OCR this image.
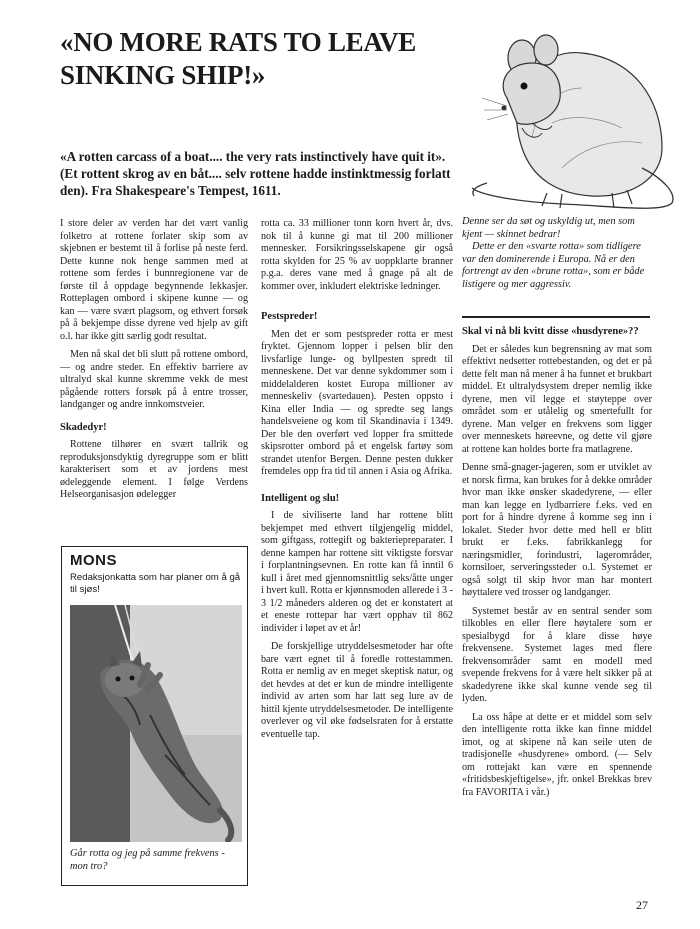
«NO MORE RATS TO LEAVE SINKING SHIP!»

«A rotten carcass of a boat.... the very rats instinctively have quit it». (Et rottent skrog av en båt.... selv rottene hadde instinktmessig forlatt den). Fra Shakespeare's Tempest, 1611.

I store deler av verden har det vært vanlig folketro at rottene forlater skip som av skjebnen er bestemt til å forlise på neste ferd. Dette kunne nok henge sammen med at rottene som ferdes i bunnregionene var de første til å oppdage begynnende lekkasjer. Rotteplagen ombord i skipene kunne — og kan — være svært plagsom, og ethvert forsøk på å bekjempe disse dyrene ved hjelp av gift o.l. har ikke gitt særlig godt resultat.

Men nå skal det bli slutt på rottene ombord, — og andre steder. En effektiv barriere av ultralyd skal kunne skremme vekk de mest pågående rotters forsøk på å entre trosser, landganger og andre innkomstveier.

Skadedyr!

Rottene tilhører en svært tallrik og reproduksjonsdyktig dyregruppe som er blitt karakterisert som et av jordens mest ødeleggende element. I følge Verdens Helseorganisasjon ødelegger

MONS
Redaksjonkatta som har planer om å gå til sjøs!
Går rotta og jeg på samme frekvens - mon tro?

rotta ca. 33 millioner tonn korn hvert år, dvs. nok til å kunne gi mat til 200 millioner mennesker. Forsikringsselskapene gir også rotta skylden for 25 % av uoppklarte branner p.g.a. deres vane med å gnage på alt de kommer over, inkludert elektriske ledninger.

Pestspreder!

Men det er som pestspreder rotta er mest fryktet. Gjennom lopper i pelsen blir den livsfarlige lunge- og byllpesten spredt til menneskene. Det var denne sykdommer som i middelalderen kostet Europa millioner av menneskeliv (svartedauen). Pesten oppsto i Kina eller India — og spredte seg langs handelsveiene og kom til Skandinavia i 1349. Der ble den overført ved lopper fra smittede skipsrotter ombord på et engelsk fartøy som strandet utenfor Bergen. Denne pesten dukker fremdeles opp fra tid til annen i Asia og Afrika.

Intelligent og slu!

I de siviliserte land har rottene blitt bekjempet med ethvert tilgjengelig middel, som giftgass, rottegift og bakteriepreparater. I denne kampen har rottene sitt viktigste forsvar i forplantningsevnen. En rotte kan få inntil 6 kull i året med gjennomsnittlig seks/åtte unger i hvert kull. Rotta er kjønnsmoden allerede i 3 - 3 1/2 måneders alderen og det er konstatert at et eneste rottepar har vært opphav til 862 individer i løpet av et år!

De forskjellige utryddelsesmetoder har ofte bare vært egnet til å foredle rottestammen. Rotta er nemlig av en meget skeptisk natur, og det hevdes at det er kun de mindre intelligente individ av arten som har latt seg lure av de hittil kjente utryddelsesmetoder. De intelligente overlever og vil øke fødselsraten for å erstatte eventuelle tap.

Denne ser da søt og uskyldig ut, men som kjent — skinnet bedrar!

Dette er den «svarte rotta» som tidligere var den dominerende i Europa. Nå er den fortrengt av den «brune rotta», som er både listigere og mer aggressiv.

Skal vi nå bli kvitt disse «husdyrene»??

Det er således kun begrensning av mat som effektivt nedsetter rottebestanden, og det er på dette felt man nå mener å ha funnet et brukbart middel. Et ultralydsystem dreper nemlig ikke dyrene, men vil legge et støyteppe over området som er utålelig og smertefullt for dyrene. Man velger en frekvens som ligger over menneskets høreevne, og dette vil gjøre at rottene kan holdes borte fra matlagrene.

Denne små-gnager-jageren, som er utviklet av et norsk firma, kan brukes for å dekke områder hvor man ikke ønsker skadedyrene, — eller man kan legge en lydbarriere f.eks. ved en port for å hindre dyrene å komme seg inn i lokalet. Steder hvor dette med hell er blitt brukt er f.eks. fabrikkanlegg for næringsmidler, forindustri, lagerområder, kornsiloer, serveringssteder o.l. Systemet er også solgt til skip hvor man har montert høyttalere ved trosser og landganger.

Systemet består av en sentral sender som tilkobles en eller flere høytalere som er spesialbygd for å klare disse høye frekvensene. Systemet lages med flere frekvensområder samt en modell med svepende frekvens for å være helt sikker på at skadedyrene ikke skal kunne vende seg til lyden.

La oss håpe at dette er et middel som selv den intelligente rotta ikke kan finne middel imot, og at skipene nå kan seile uten de tradisjonelle «husdyrene» ombord. (— Selv om rottejakt kan være en spennende «fritidsbeskjeftigelse», jfr. onkel Brekkas brev fra FAVORITA i vår.)

27
